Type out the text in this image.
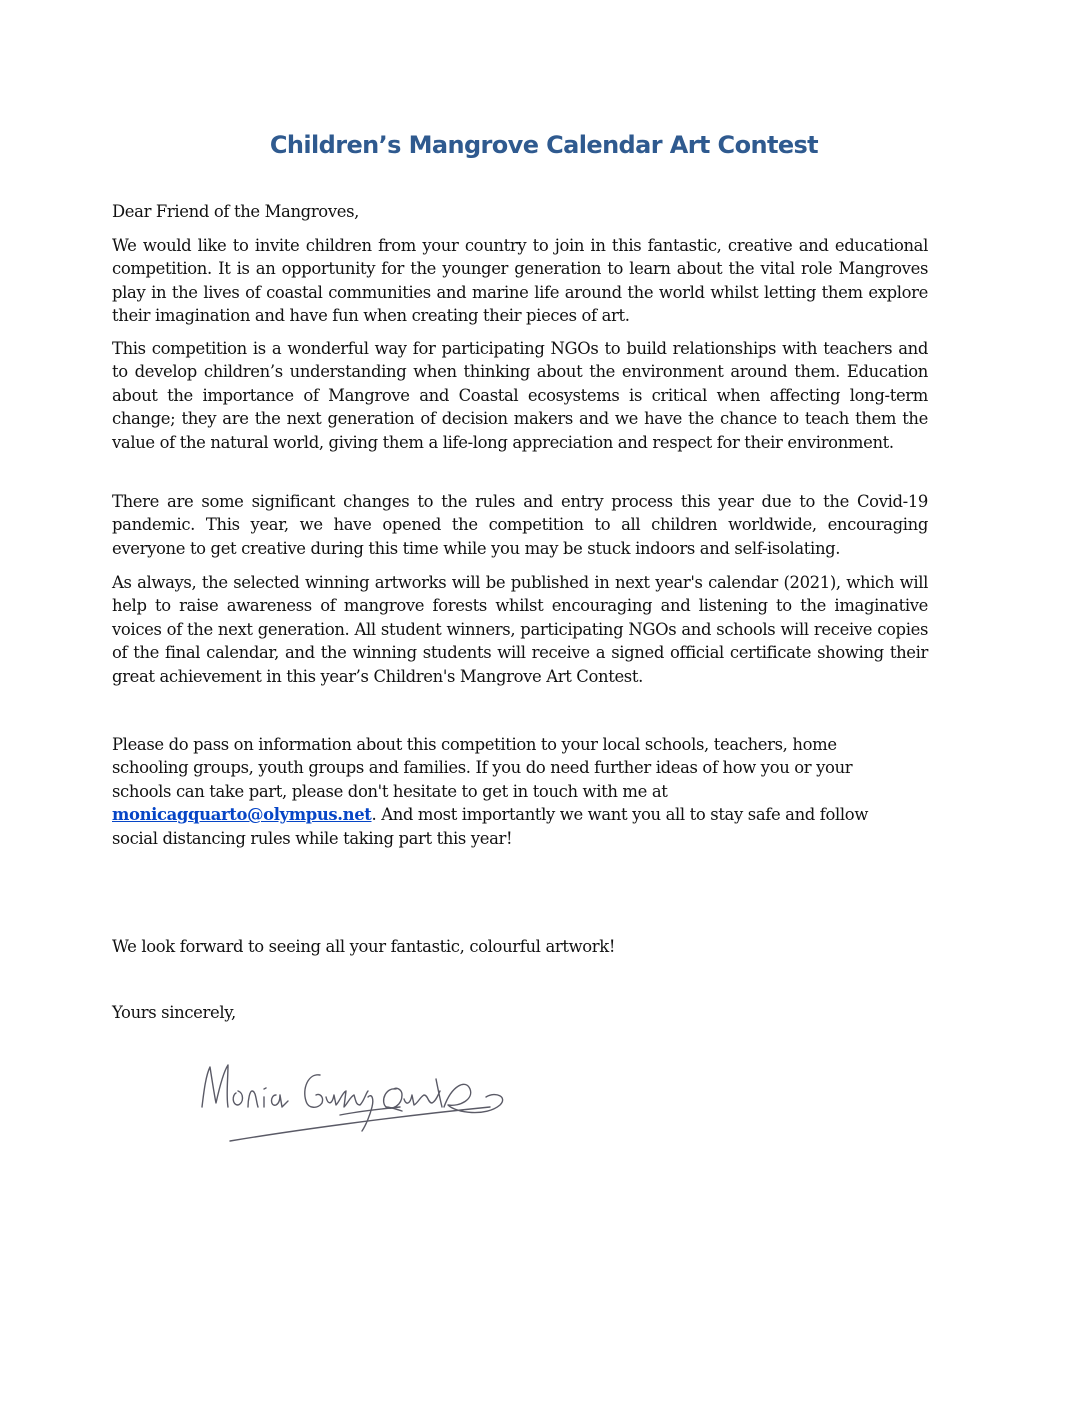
Children’s Mangrove Calendar Art Contest

Dear Friend of the Mangroves,

We would like to invite children from your country to join in this fantastic, creative and educational competition. It is an opportunity for the younger generation to learn about the vital role Mangroves play in the lives of coastal communities and marine life around the world whilst letting them explore their imagination and have fun when creating their pieces of art.

This competition is a wonderful way for participating NGOs to build relationships with teachers and to develop children’s understanding when thinking about the environment around them. Education about the importance of Mangrove and Coastal ecosystems is critical when affecting long-term change; they are the next generation of decision makers and we have the chance to teach them the value of the natural world, giving them a life-long appreciation and respect for their environment.

There are some significant changes to the rules and entry process this year due to the Covid-19 pandemic. This year, we have opened the competition to all children worldwide, encouraging everyone to get creative during this time while you may be stuck indoors and self-isolating.

As always, the selected winning artworks will be published in next year's calendar (2021), which will help to raise awareness of mangrove forests whilst encouraging and listening to the imaginative voices of the next generation. All student winners, participating NGOs and schools will receive copies of the final calendar, and the winning students will receive a signed official certificate showing their great achievement in this year’s Children's Mangrove Art Contest.

Please do pass on information about this competition to your local schools, teachers, home schooling groups, youth groups and families. If you do need further ideas of how you or your schools can take part, please don't hesitate to get in touch with me at
monicagquarto@olympus.net. And most importantly we want you all to stay safe and follow social distancing rules while taking part this year!

We look forward to seeing all your fantastic, colourful artwork!

Yours sincerely,
